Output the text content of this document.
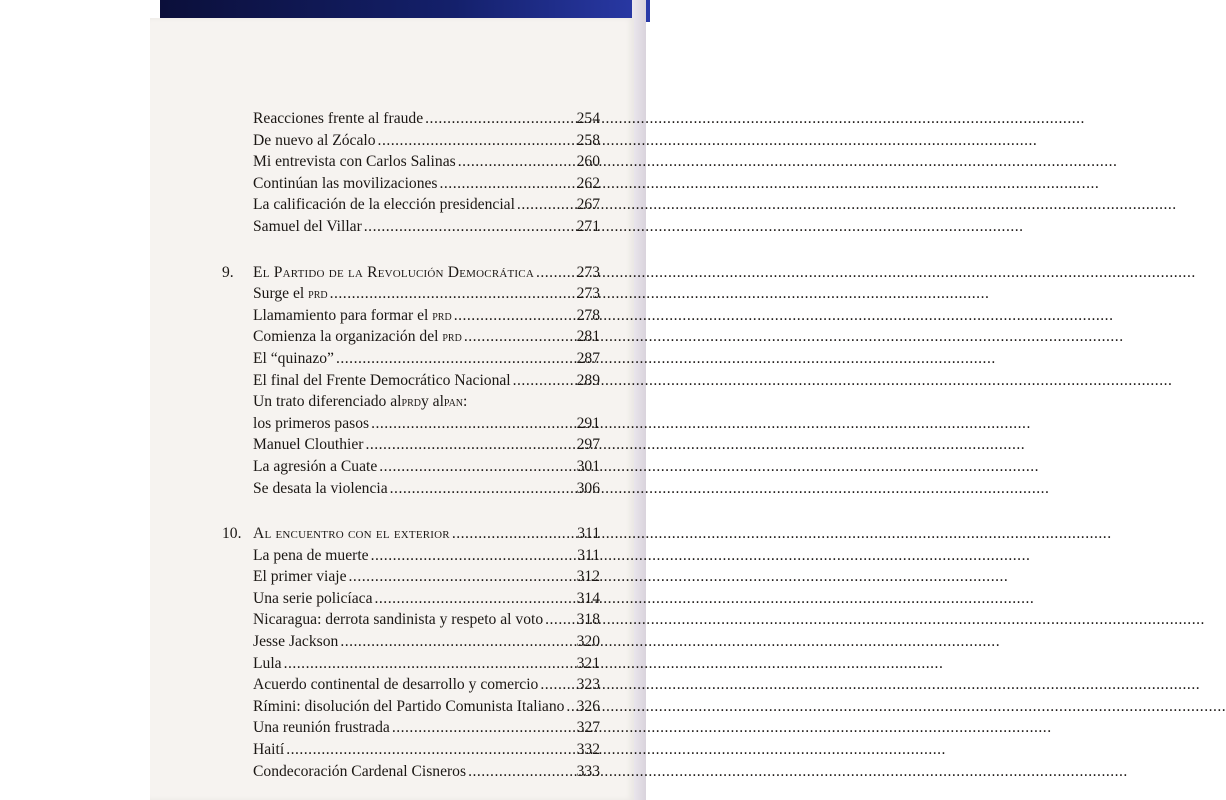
Reacciones frente al fraude .....	254
De nuevo al Zócalo .....	258
Mi entrevista con Carlos Salinas .....	260
Continúan las movilizaciones .....	262
La calificación de la elección presidencial .....	267
Samuel del Villar .....	271
9.	El Partido de la Revolución Democrática .....	273
Surge el prd .....	273
Llamamiento para formar el prd .....	278
Comienza la organización del prd .....	281
El “quinazo” .....	287
El final del Frente Democrático Nacional .....	289
Un trato diferenciado al prd y al pan :
los primeros pasos .....	291
Manuel Clouthier .....	297
La agresión a Cuate .....	301
Se desata la violencia .....	306
10. Al encuentro con el exterior .....	311
La pena de muerte .....	311
El primer viaje .....	312
Una serie policíaca .....	314
Nicaragua: derrota sandinista y respeto al voto ..... 318
Jesse Jackson .....	320
Lula .....	321
Acuerdo continental de desarrollo y comercio ..... 323
Rímini: disolución del Partido Comunista Italiano ..... 326
Una reunión frustrada .....	327
Haití .....	332
Condecoración Cardenal Cisneros .....	333
